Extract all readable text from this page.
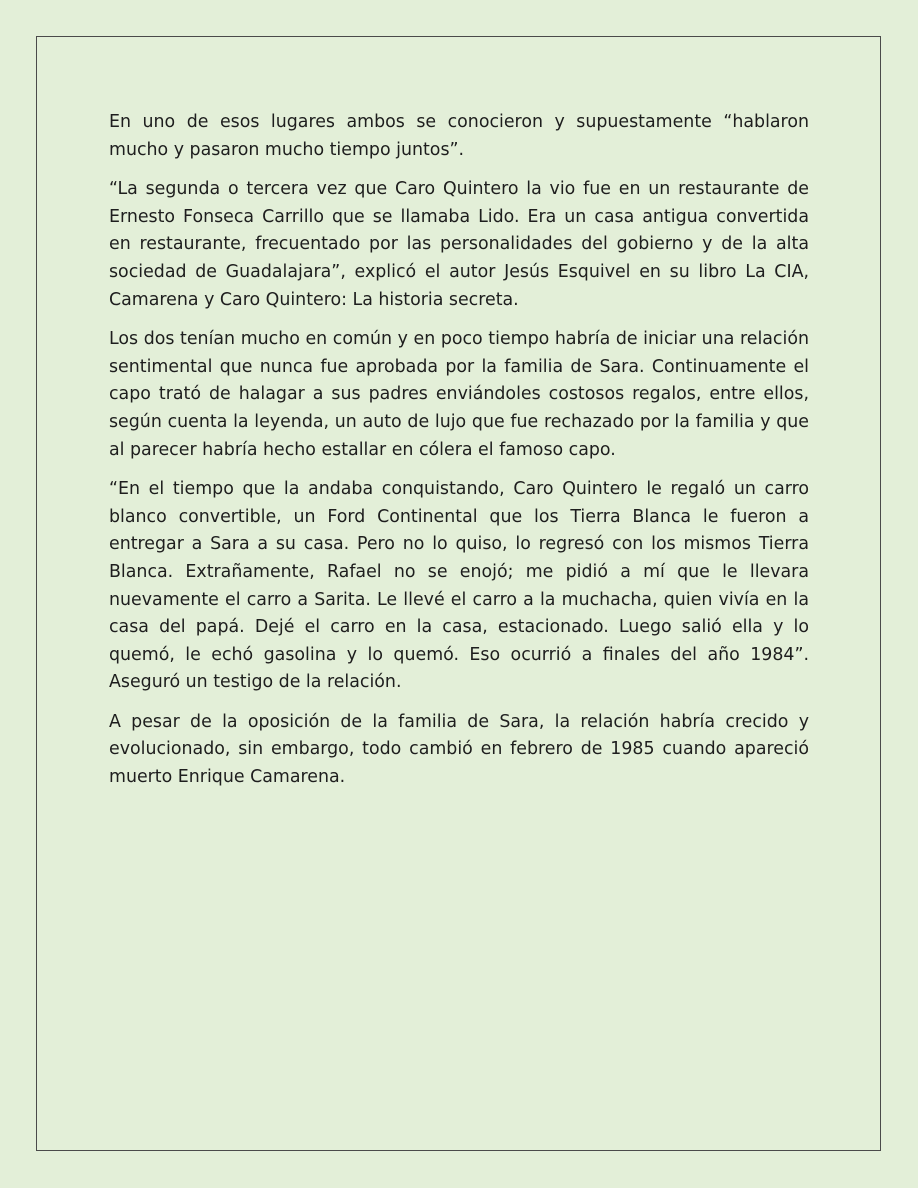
En uno de esos lugares ambos se conocieron y supuestamente “hablaron mucho y pasaron mucho tiempo juntos”.

“La segunda o tercera vez que Caro Quintero la vio fue en un restaurante de Ernesto Fonseca Carrillo que se llamaba Lido. Era un casa antigua convertida en restaurante, frecuentado por las personalidades del gobierno y de la alta sociedad de Guadalajara”, explicó el autor Jesús Esquivel en su libro La CIA, Camarena y Caro Quintero: La historia secreta.

Los dos tenían mucho en común y en poco tiempo habría de iniciar una relación sentimental que nunca fue aprobada por la familia de Sara. Continuamente el capo trató de halagar a sus padres enviándoles costosos regalos, entre ellos, según cuenta la leyenda, un auto de lujo que fue rechazado por la familia y que al parecer habría hecho estallar en cólera el famoso capo.

“En el tiempo que la andaba conquistando, Caro Quintero le regaló un carro blanco convertible, un Ford Continental que los Tierra Blanca le fueron a entregar a Sara a su casa. Pero no lo quiso, lo regresó con los mismos Tierra Blanca. Extrañamente, Rafael no se enojó; me pidió a mí que le llevara nuevamente el carro a Sarita. Le llevé el carro a la muchacha, quien vivía en la casa del papá. Dejé el carro en la casa, estacionado. Luego salió ella y lo quemó, le echó gasolina y lo quemó. Eso ocurrió a finales del año 1984”. Aseguró un testigo de la relación.

A pesar de la oposición de la familia de Sara, la relación habría crecido y evolucionado, sin embargo, todo cambió en febrero de 1985 cuando apareció muerto Enrique Camarena.
